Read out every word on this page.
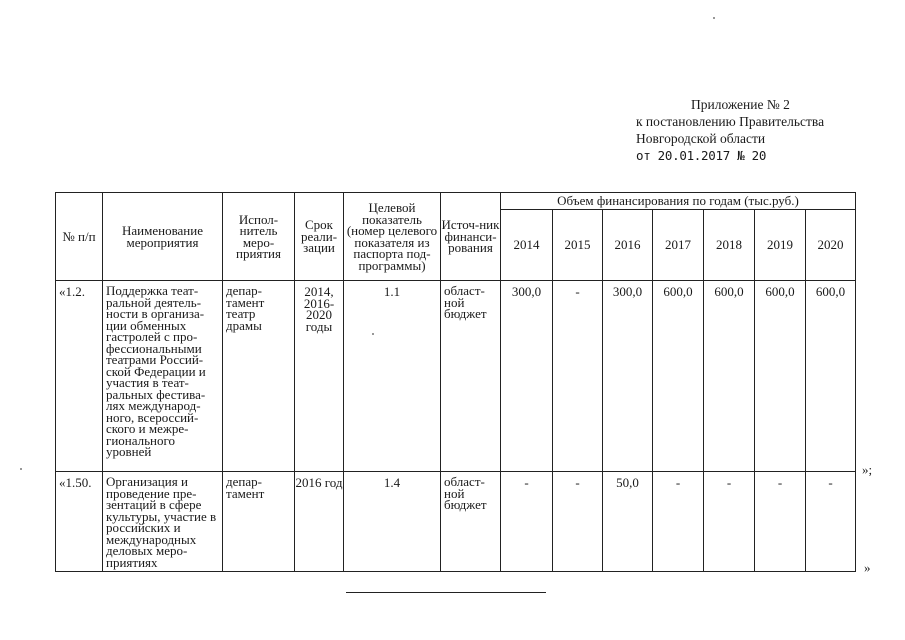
Приложение № 2
к постановлению Правительства
Новгородской области
от 20.01.2017 № 20
№ п/п	Наименование мероприятия	Испол-нитель меро-приятия	Срок реали-зации	Целевой показатель (номер целевого показателя из паспорта под-программы)	Источ-ник финанси-рования	Объем финансирования по годам (тыс.руб.)						
						2014	2015	2016	2017	2018	2019	2020
«1.2.	Поддержка теат-ральной деятель-ности в организа-ции обменных гастролей с про-фессиональными театрами Россий-ской Федерации и участия в теат-ральных фестива-лях международ-ного, всероссий-ского и межре-гионального уровней	депар-тамент театр драмы	2014, 2016-2020 годы	1.1	област-ной бюджет	300,0	-	300,0	600,0	600,0	600,0	600,0
«1.50.	Организация и проведение пре-зентаций в сфере культуры, участие в российских и международных деловых меро-приятиях	депар-тамент	2016 год	1.4	област-ной бюджет	-	-	50,0	-	-	-	-
»;
»
